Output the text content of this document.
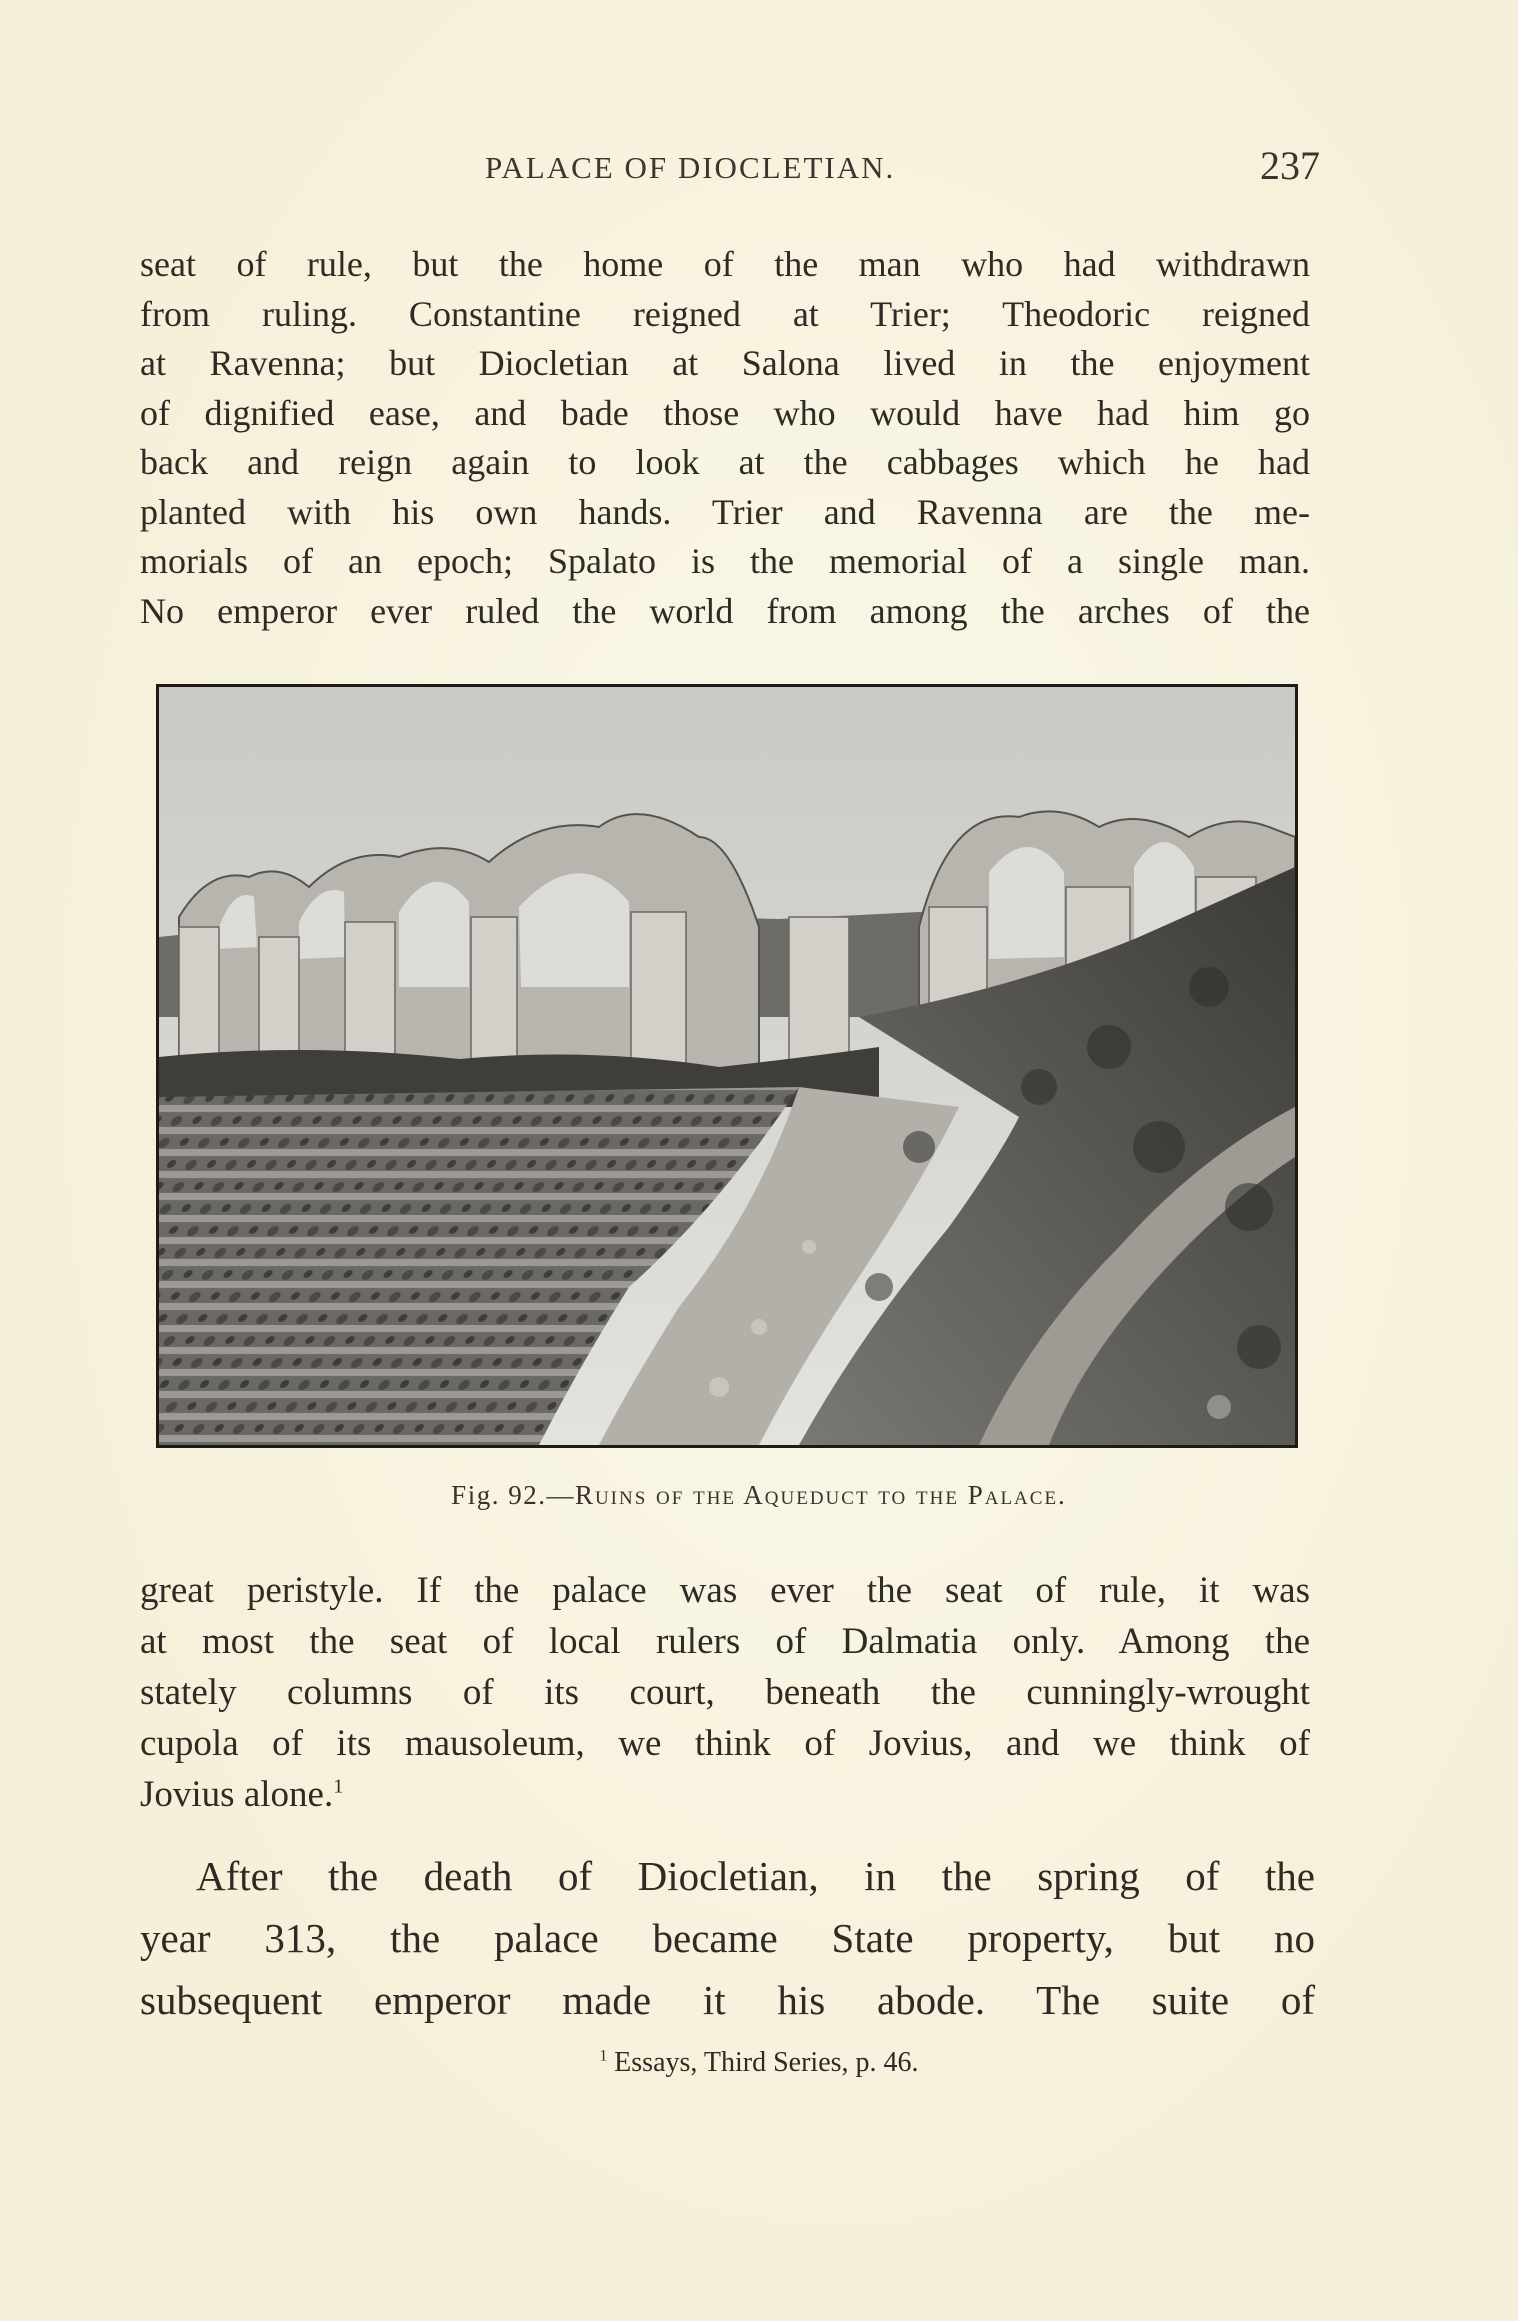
PALACE OF DIOCLETIAN.	237
seat of rule, but the home of the man who had withdrawn
from ruling. Constantine reigned at Trier; Theodoric reigned
at Ravenna; but Diocletian at Salona lived in the enjoyment
of dignified ease, and bade those who would have had him go
back and reign again to look at the cabbages which he had
planted with his own hands. Trier and Ravenna are the me-
morials of an epoch; Spalato is the memorial of a single man.
No emperor ever ruled the world from among the arches of the
Fig. 92.—Ruins of the Aqueduct to the Palace.
great peristyle. If the palace was ever the seat of rule, it was
at most the seat of local rulers of Dalmatia only. Among the
stately columns of its court, beneath the cunningly-wrought
cupola of its mausoleum, we think of Jovius, and we think of
Jovius alone.$^1$
After the death of Diocletian, in the spring of the
year 313, the palace became State property, but no
subsequent emperor made it his abode. The suite of
$^1$ Essays, Third Series, p. 46.
